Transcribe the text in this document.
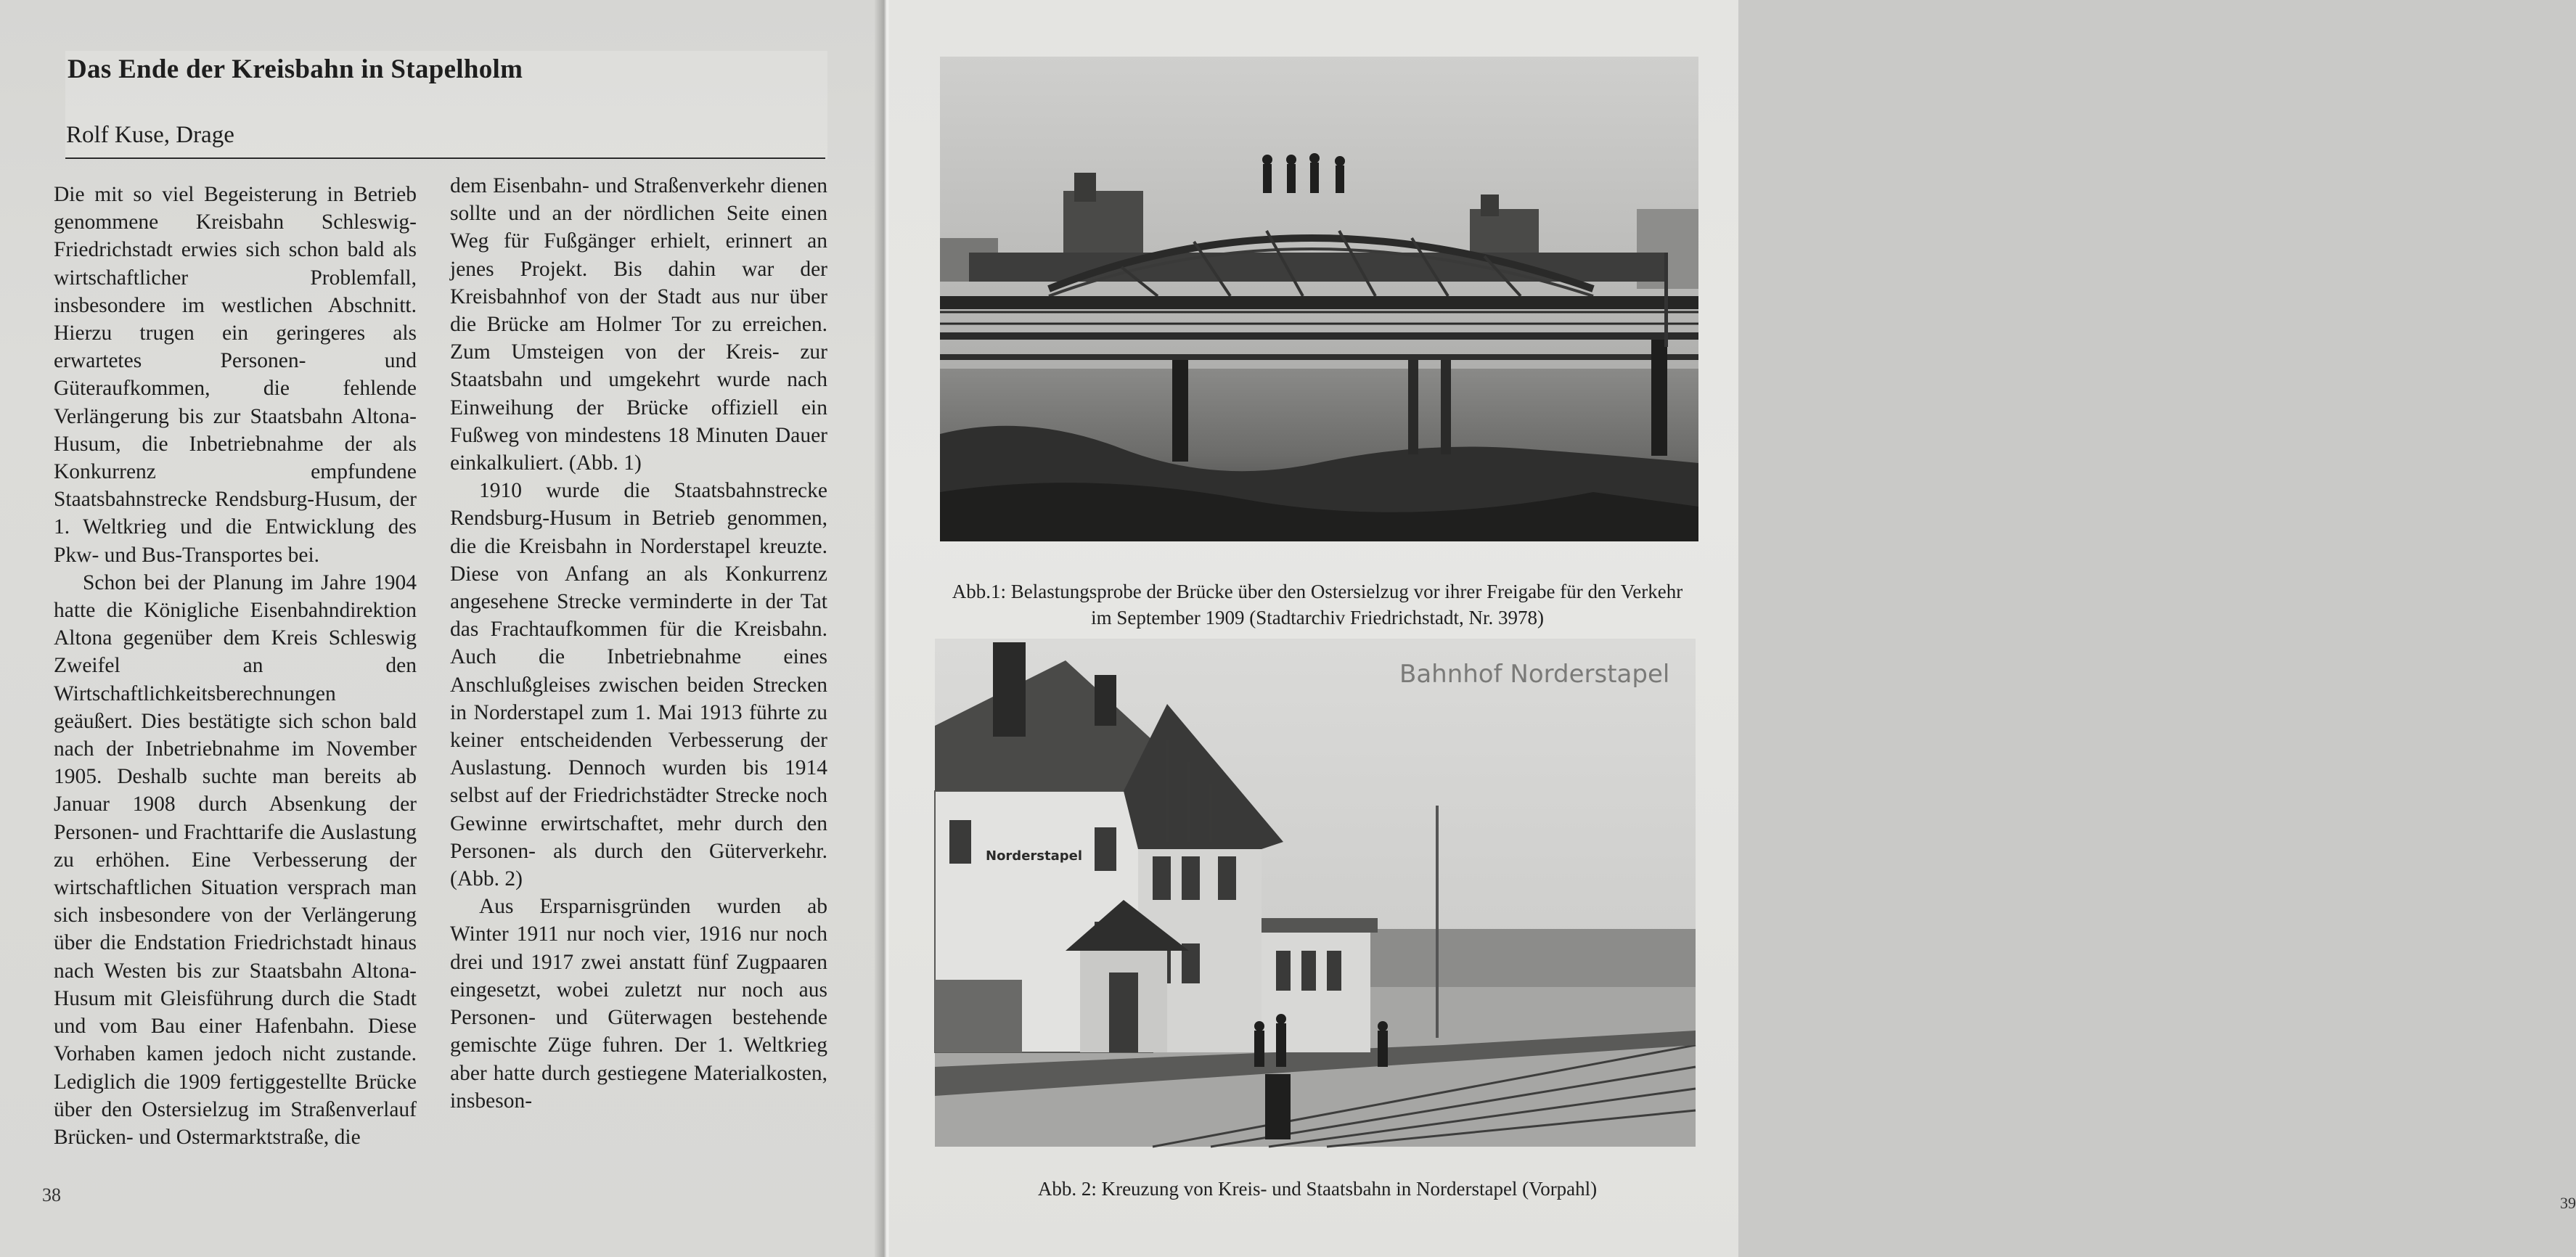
Das Ende der Kreisbahn in Stapelholm

Rolf Kuse, Drage

Die mit so viel Begeisterung in Betrieb genommene Kreisbahn Schleswig-Friedrichstadt erwies sich schon bald als wirtschaftlicher Problemfall, insbesondere im westlichen Abschnitt. Hierzu trugen ein geringeres als erwartetes Personen- und Güteraufkommen, die fehlende Verlängerung bis zur Staatsbahn Altona-Husum, die Inbetriebnahme der als Konkurrenz empfundene Staatsbahnstrecke Rendsburg-Husum, der 1. Weltkrieg und die Entwicklung des Pkw- und Bus-Transportes bei.

Schon bei der Planung im Jahre 1904 hatte die Königliche Eisenbahndirektion Altona gegenüber dem Kreis Schleswig Zweifel an den Wirtschaftlichkeitsberechnungen geäußert. Dies bestätigte sich schon bald nach der Inbetriebnahme im November 1905. Deshalb suchte man bereits ab Januar 1908 durch Absenkung der Personen- und Frachttarife die Auslastung zu erhöhen. Eine Verbesserung der wirtschaftlichen Situation versprach man sich insbesondere von der Verlängerung über die Endstation Friedrichstadt hinaus nach Westen bis zur Staatsbahn Altona-Husum mit Gleisführung durch die Stadt und vom Bau einer Hafenbahn. Diese Vorhaben kamen jedoch nicht zustande. Lediglich die 1909 fertiggestellte Brücke über den Ostersielzug im Straßenverlauf Brücken- und Ostermarktstraße, die

dem Eisenbahn- und Straßenverkehr dienen sollte und an der nördlichen Seite einen Weg für Fußgänger erhielt, erinnert an jenes Projekt. Bis dahin war der Kreisbahnhof von der Stadt aus nur über die Brücke am Holmer Tor zu erreichen. Zum Umsteigen von der Kreis- zur Staatsbahn und umgekehrt wurde nach Einweihung der Brücke offiziell ein Fußweg von mindestens 18 Minuten Dauer einkalkuliert. (Abb. 1)

1910 wurde die Staatsbahnstrecke Rendsburg-Husum in Betrieb genommen, die die Kreisbahn in Norderstapel kreuzte. Diese von Anfang an als Konkurrenz angesehene Strecke verminderte in der Tat das Frachtaufkommen für die Kreisbahn. Auch die Inbetriebnahme eines Anschlußgleises zwischen beiden Strecken in Norderstapel zum 1. Mai 1913 führte zu keiner entscheidenden Verbesserung der Auslastung. Dennoch wurden bis 1914 selbst auf der Friedrichstädter Strecke noch Gewinne erwirtschaftet, mehr durch den Personen- als durch den Güterverkehr. (Abb. 2)

Aus Ersparnisgründen wurden ab Winter 1911 nur noch vier, 1916 nur noch drei und 1917 zwei anstatt fünf Zugpaaren eingesetzt, wobei zuletzt nur noch aus Personen- und Güterwagen bestehende gemischte Züge fuhren. Der 1. Weltkrieg aber hatte durch gestiegene Materialkosten, insbeson-

38	39

Abb.1: Belastungsprobe der Brücke über den Ostersielzug vor ihrer Freigabe für den Verkehr im September 1909 (Stadtarchiv Friedrichstadt, Nr. 3978)

Bahnhof Norderstapel
Norderstapel

Abb. 2: Kreuzung von Kreis- und Staatsbahn in Norderstapel (Vorpahl)
